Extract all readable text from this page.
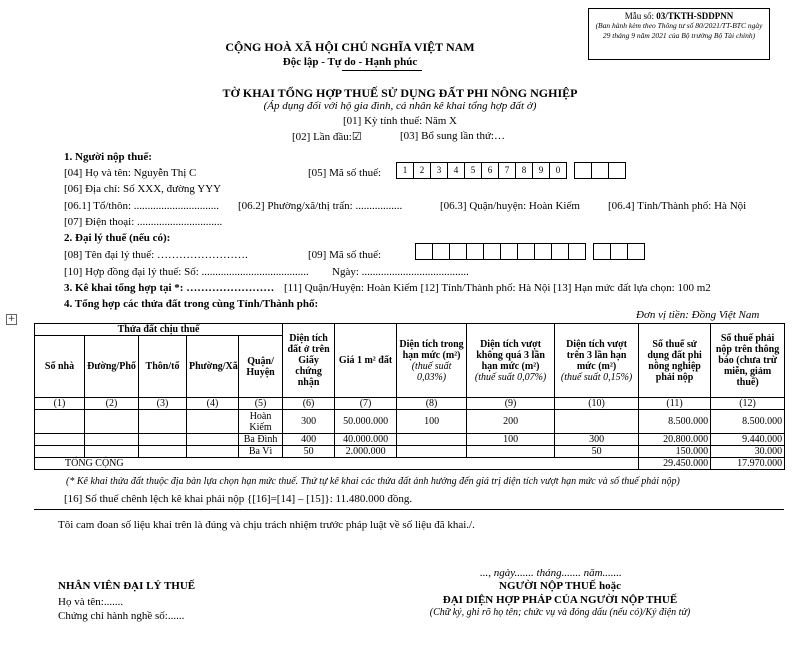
Mẫu số: 03/TKTH-SDDPNN
(Ban hành kèm theo Thông tư số 80/2021/TT-BTC ngày 29 tháng 9 năm 2021 của Bộ trưởng Bộ Tài chính)
CỘNG HOÀ XÃ HỘI CHỦ NGHĨA VIỆT NAM
Độc lập - Tự do - Hạnh phúc
TỜ KHAI TỔNG HỢP THUẾ SỬ DỤNG ĐẤT PHI NÔNG NGHIỆP
(Áp dụng đối với hộ gia đình, cá nhân kê khai tổng hợp đất ở)
[01] Kỳ tính thuế: Năm X
[02] Lần đầu:☑	[03] Bổ sung lần thứ:…
1. Người nộp thuế:
[04] Họ và tên: Nguyễn Thị C	[05] Mã số thuế:	1	2	3	4	5	6	7	8	9	0
[06] Địa chỉ: Số XXX, đường YYY
[06.1] Tổ/thôn: ............................... [06.2] Phường/xã/thị trấn: .................	[06.3] Quận/huyện: Hoàn Kiếm	[06.4] Tỉnh/Thành phố: Hà Nội
[07] Điện thoại: ...............................
2. Đại lý thuế (nếu có):
[08] Tên đại lý thuế: …………………….	[09] Mã số thuế:
[10] Hợp đồng đại lý thuế: Số: ....................................... Ngày: .......................................
3. Kê khai tổng hợp tại *: …………………… [11] Quận/Huyện: Hoàn Kiếm [12] Tỉnh/Thành phố: Hà Nội [13] Hạn mức đất lựa chọn: 100 m2
4. Tổng hợp các thửa đất trong cùng Tỉnh/Thành phố:
Đơn vị tiền: Đồng Việt Nam
+
Thửa đất chịu thuế					Diện tích đất ở trên Giấy chứng nhận	Giá 1 m² đất	Diện tích trong hạn mức (m²)
(thuế suất 0,03%)	Diện tích vượt không quá 3 lần hạn mức (m²)
(thuế suất 0,07%)	Diện tích vượt trên 3 lần hạn mức (m²)
(thuế suất 0,15%)	Số thuế sử dụng đất phi nông nghiệp phải nộp	Số thuế phải nộp trên thông báo (chưa trừ miễn, giảm thuế)
Số nhà	Đường/Phố	Thôn/tổ	Phường/Xã	Quận/ Huyện							
(1)	(2)	(3)	(4)	(5)	(6)	(7)	(8)	(9)	(10)	(11)	(12)
				Hoàn Kiếm	300	50.000.000	100	200		8.500.000	8.500.000
				Ba Đình	400	40.000.000		100	300	20.800.000	9.440.000
				Ba Vì	50	2.000.000			50	150.000	30.000
TỔNG CỘNG										29.450.000	17.970.000
(* Kê khai thửa đất thuộc địa bàn lựa chọn hạn mức thuế. Thứ tự kê khai các thửa đất ảnh hưởng đến giá trị diện tích vượt hạn mức và số thuế phải nộp)
[16] Số thuế chênh lệch kê khai phải nộp {[16]=[14] – [15]}: 11.480.000 đồng.
Tôi cam đoan số liệu khai trên là đúng và chịu trách nhiệm trước pháp luật về số liệu đã khai./.
..., ngày....... tháng....... năm.......
NHÂN VIÊN ĐẠI LÝ THUẾ
Họ và tên:.......
Chứng chỉ hành nghề số:......
NGƯỜI NỘP THUẾ hoặc
ĐẠI DIỆN HỢP PHÁP CỦA NGƯỜI NỘP THUẾ
(Chữ ký, ghi rõ họ tên; chức vụ và đóng dấu (nếu có)/Ký điện tử)
